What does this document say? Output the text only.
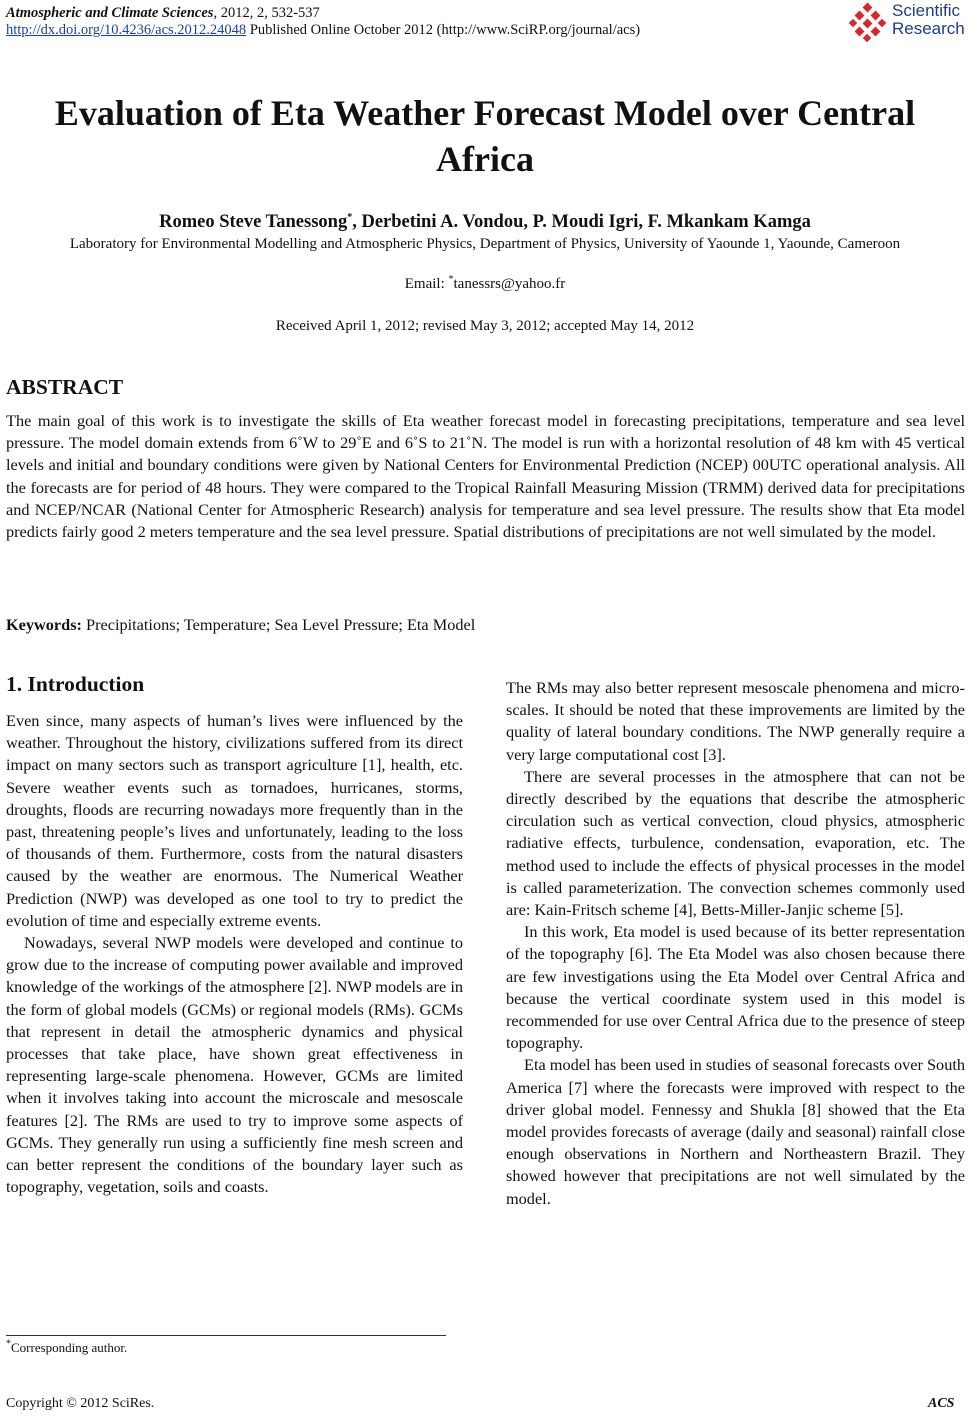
Atmospheric and Climate Sciences, 2012, 2, 532-537
http://dx.doi.org/10.4236/acs.2012.24048 Published Online October 2012 (http://www.SciRP.org/journal/acs)
Scientific
Research
Evaluation of Eta Weather Forecast Model over Central Africa
Romeo Steve Tanessong*, Derbetini A. Vondou, P. Moudi Igri, F. Mkankam Kamga
Laboratory for Environmental Modelling and Atmospheric Physics, Department of Physics, University of Yaounde 1, Yaounde, Cameroon
Email: *tanessrs@yahoo.fr
Received April 1, 2012; revised May 3, 2012; accepted May 14, 2012
ABSTRACT
The main goal of this work is to investigate the skills of Eta weather forecast model in forecasting precipitations, temperature and sea level pressure. The model domain extends from 6˚W to 29˚E and 6˚S to 21˚N. The model is run with a horizontal resolution of 48 km with 45 vertical levels and initial and boundary conditions were given by National Centers for Environmental Prediction (NCEP) 00UTC operational analysis. All the forecasts are for period of 48 hours. They were compared to the Tropical Rainfall Measuring Mission (TRMM) derived data for precipitations and NCEP/NCAR (National Center for Atmospheric Research) analysis for temperature and sea level pressure. The results show that Eta model predicts fairly good 2 meters temperature and the sea level pressure. Spatial distributions of precipitations are not well simulated by the model.
Keywords: Precipitations; Temperature; Sea Level Pressure; Eta Model
1. Introduction

Even since, many aspects of human’s lives were influenced by the weather. Throughout the history, civilizations suffered from its direct impact on many sectors such as transport agriculture [1], health, etc. Severe weather events such as tornadoes, hurricanes, storms, droughts, floods are recurring nowadays more frequently than in the past, threatening people’s lives and unfortunately, leading to the loss of thousands of them. Furthermore, costs from the natural disasters caused by the weather are enormous. The Numerical Weather Prediction (NWP) was developed as one tool to try to predict the evolution of time and especially extreme events.

Nowadays, several NWP models were developed and continue to grow due to the increase of computing power available and improved knowledge of the workings of the atmosphere [2]. NWP models are in the form of global models (GCMs) or regional models (RMs). GCMs that represent in detail the atmospheric dynamics and physical processes that take place, have shown great effectiveness in representing large-scale phenomena. However, GCMs are limited when it involves taking into account the microscale and mesoscale features [2]. The RMs are used to try to improve some aspects of GCMs. They generally run using a sufficiently fine mesh screen and can better represent the conditions of the boundary layer such as topography, vegetation, soils and coasts.

The RMs may also better represent mesoscale phenomena and micro-scales. It should be noted that these improvements are limited by the quality of lateral boundary conditions. The NWP generally require a very large computational cost [3].

There are several processes in the atmosphere that can not be directly described by the equations that describe the atmospheric circulation such as vertical convection, cloud physics, atmospheric radiative effects, turbulence, condensation, evaporation, etc. The method used to include the effects of physical processes in the model is called parameterization. The convection schemes commonly used are: Kain-Fritsch scheme [4], Betts-Miller-Janjic scheme [5].

In this work, Eta model is used because of its better representation of the topography [6]. The Eta Model was also chosen because there are few investigations using the Eta Model over Central Africa and because the vertical coordinate system used in this model is recommended for use over Central Africa due to the presence of steep topography.

Eta model has been used in studies of seasonal forecasts over South America [7] where the forecasts were improved with respect to the driver global model. Fennessy and Shukla [8] showed that the Eta model provides forecasts of average (daily and seasonal) rainfall close enough observations in Northern and Northeastern Brazil. They showed however that precipitations are not well simulated by the model.

*Corresponding author.
Copyright © 2012 SciRes.	ACS
